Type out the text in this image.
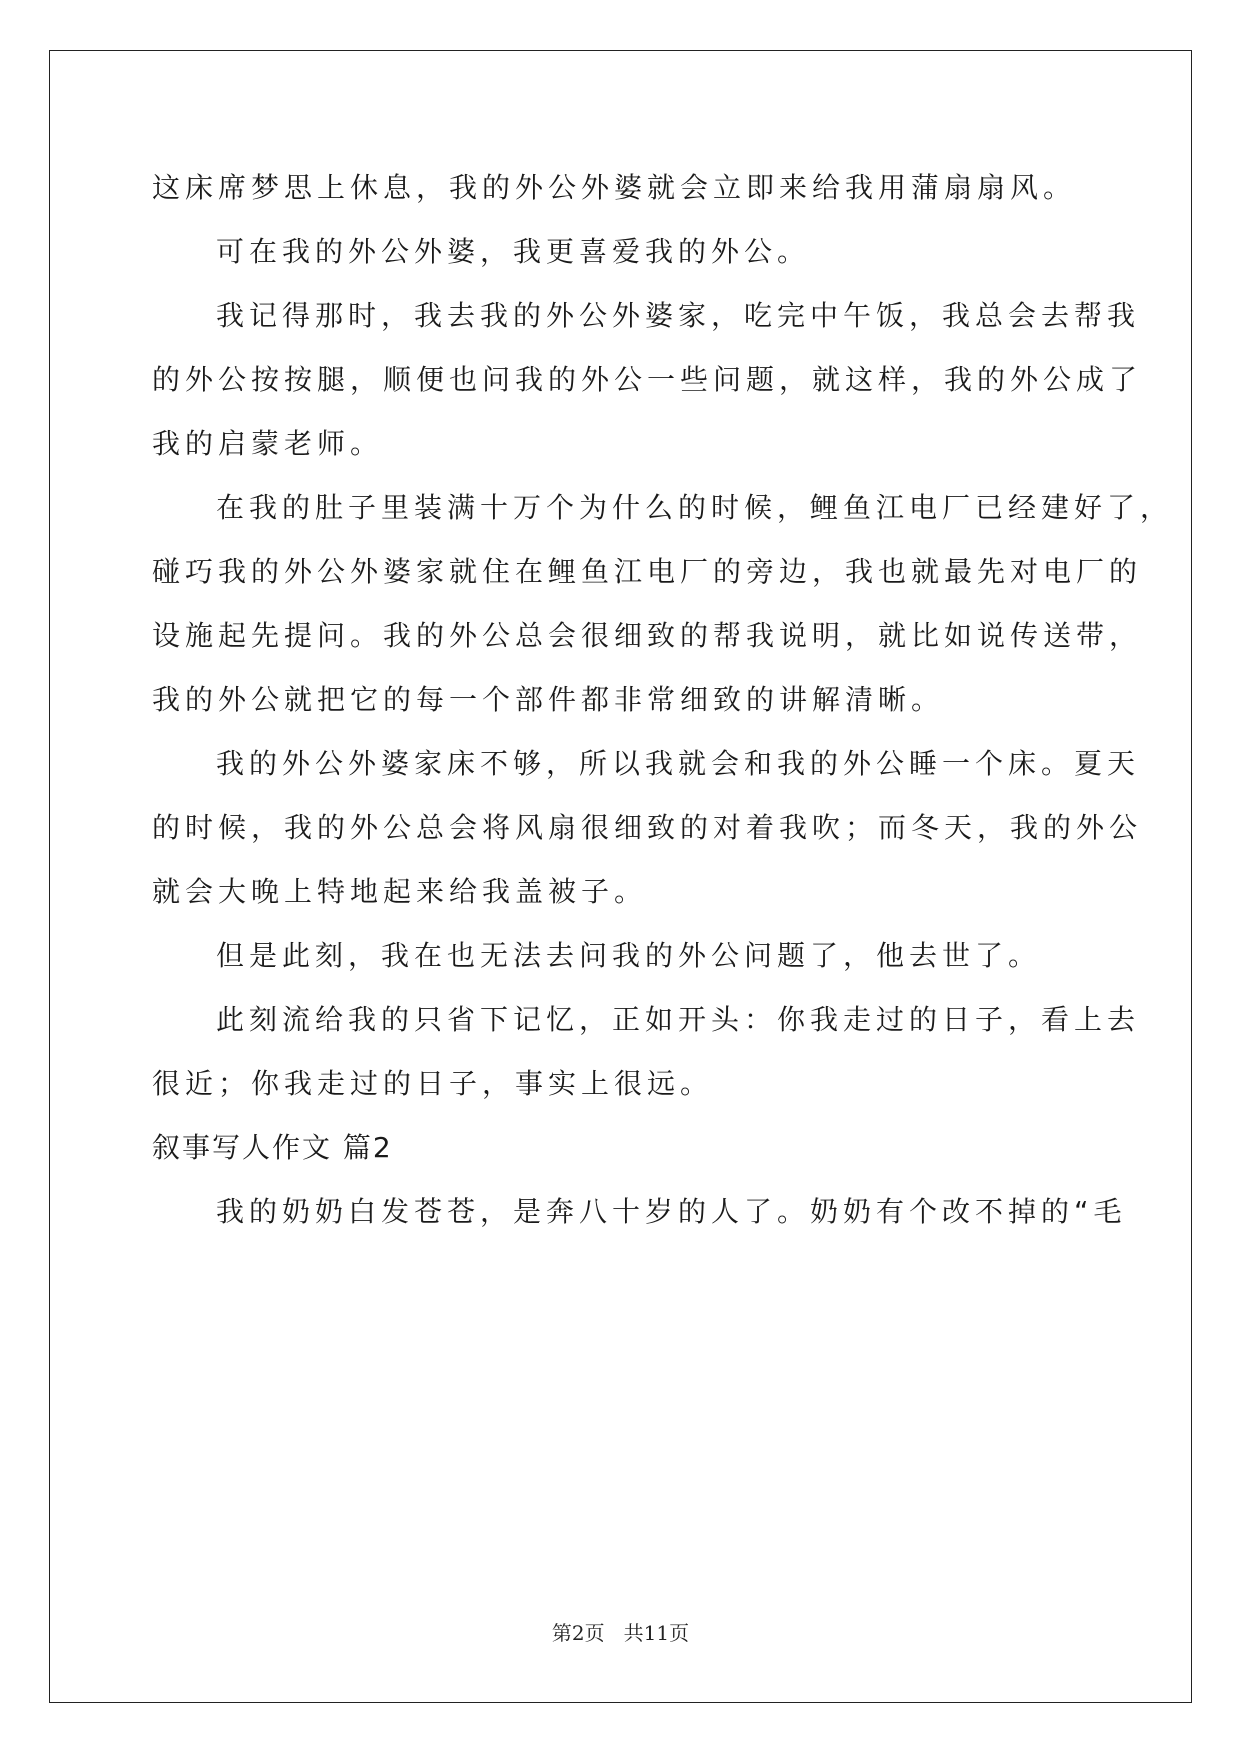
这床席梦思上休息，我的外公外婆就会立即来给我用蒲扇扇风。
可在我的外公外婆，我更喜爱我的外公。
我记得那时，我去我的外公外婆家，吃完中午饭，我总会去帮我
的外公按按腿，顺便也问我的外公一些问题，就这样，我的外公成了
我的启蒙老师。
在我的肚子里装满十万个为什么的时候，鲤鱼江电厂已经建好了，
碰巧我的外公外婆家就住在鲤鱼江电厂的旁边，我也就最先对电厂的
设施起先提问。我的外公总会很细致的帮我说明，就比如说传送带，
我的外公就把它的每一个部件都非常细致的讲解清晰。
我的外公外婆家床不够，所以我就会和我的外公睡一个床。夏天
的时候，我的外公总会将风扇很细致的对着我吹；而冬天，我的外公
就会大晚上特地起来给我盖被子。
但是此刻，我在也无法去问我的外公问题了，他去世了。
此刻流给我的只省下记忆，正如开头：你我走过的日子，看上去
很近；你我走过的日子，事实上很远。
叙事写人作文 篇2
我的奶奶白发苍苍，是奔八十岁的人了。奶奶有个改不掉的“毛
第2页 共11页
